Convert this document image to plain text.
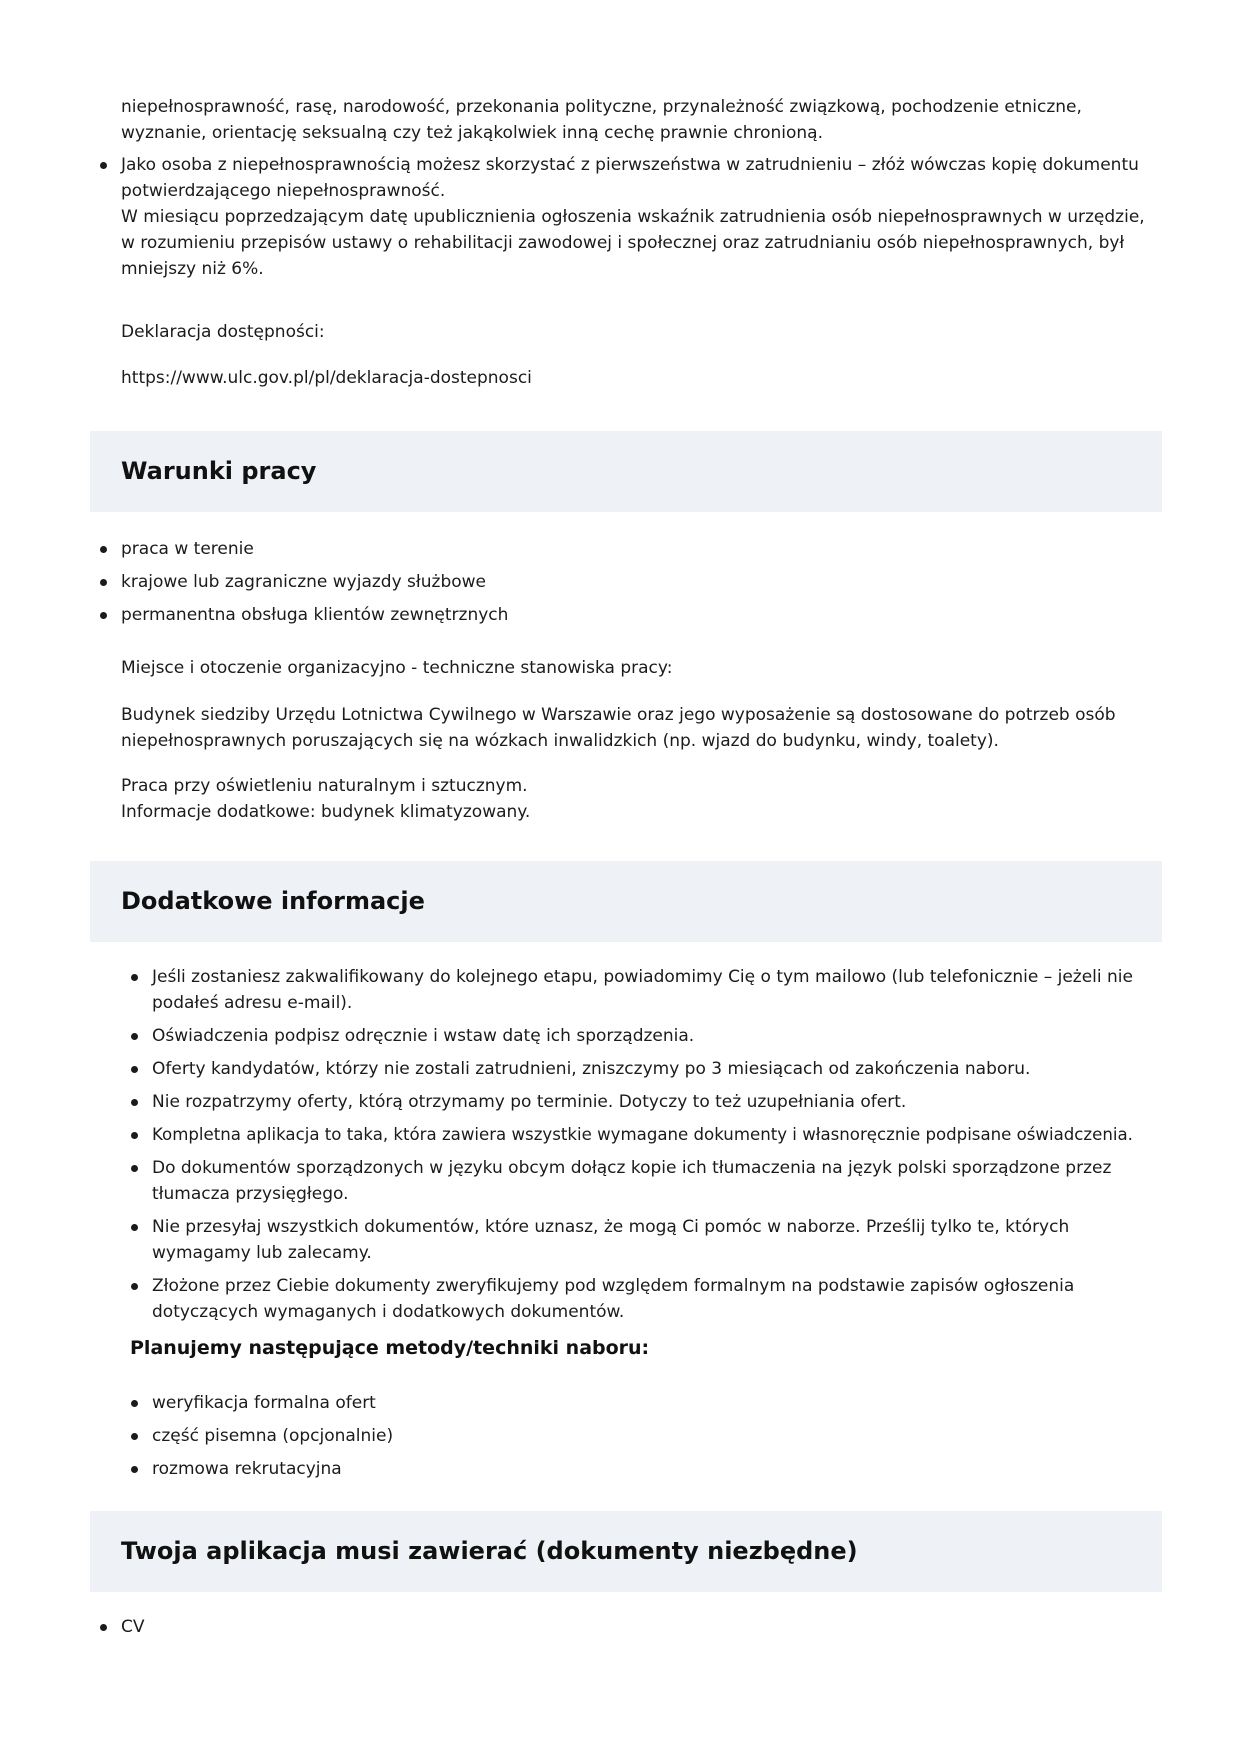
niepełnosprawność, rasę, narodowość, przekonania polityczne, przynależność związkową, pochodzenie etniczne, wyznanie, orientację seksualną czy też jakąkolwiek inną cechę prawnie chronioną.

Jako osoba z niepełnosprawnością możesz skorzystać z pierwszeństwa w zatrudnieniu – złóż wówczas kopię dokumentu potwierdzającego niepełnosprawność.
W miesiącu poprzedzającym datę upublicznienia ogłoszenia wskaźnik zatrudnienia osób niepełnosprawnych w urzędzie, w rozumieniu przepisów ustawy o rehabilitacji zawodowej i społecznej oraz zatrudnianiu osób niepełnosprawnych, był mniejszy niż 6%.

Deklaracja dostępności:

https://www.ulc.gov.pl/pl/deklaracja-dostepnosci

Warunki pracy
praca w terenie
krajowe lub zagraniczne wyjazdy służbowe
permanentna obsługa klientów zewnętrznych

Miejsce i otoczenie organizacyjno - techniczne stanowiska pracy:

Budynek siedziby Urzędu Lotnictwa Cywilnego w Warszawie oraz jego wyposażenie są dostosowane do potrzeb osób niepełnosprawnych poruszających się na wózkach inwalidzkich (np. wjazd do budynku, windy, toalety).

Praca przy oświetleniu naturalnym i sztucznym.

Informacje dodatkowe: budynek klimatyzowany.

Dodatkowe informacje
Jeśli zostaniesz zakwalifikowany do kolejnego etapu, powiadomimy Cię o tym mailowo (lub telefonicznie – jeżeli nie podałeś adresu e-mail).
Oświadczenia podpisz odręcznie i wstaw datę ich sporządzenia.
Oferty kandydatów, którzy nie zostali zatrudnieni, zniszczymy po 3 miesiącach od zakończenia naboru.
Nie rozpatrzymy oferty, którą otrzymamy po terminie. Dotyczy to też uzupełniania ofert.
Kompletna aplikacja to taka, która zawiera wszystkie wymagane dokumenty i własnoręcznie podpisane oświadczenia.
Do dokumentów sporządzonych w języku obcym dołącz kopie ich tłumaczenia na język polski sporządzone przez tłumacza przysięgłego.
Nie przesyłaj wszystkich dokumentów, które uznasz, że mogą Ci pomóc w naborze. Prześlij tylko te, których wymagamy lub zalecamy.
Złożone przez Ciebie dokumenty zweryfikujemy pod względem formalnym na podstawie zapisów ogłoszenia dotyczących wymaganych i dodatkowych dokumentów.
Planujemy następujące metody/techniki naboru:
weryfikacja formalna ofert
część pisemna (opcjonalnie)
rozmowa rekrutacyjna
Twoja aplikacja musi zawierać (dokumenty niezbędne)
CV
